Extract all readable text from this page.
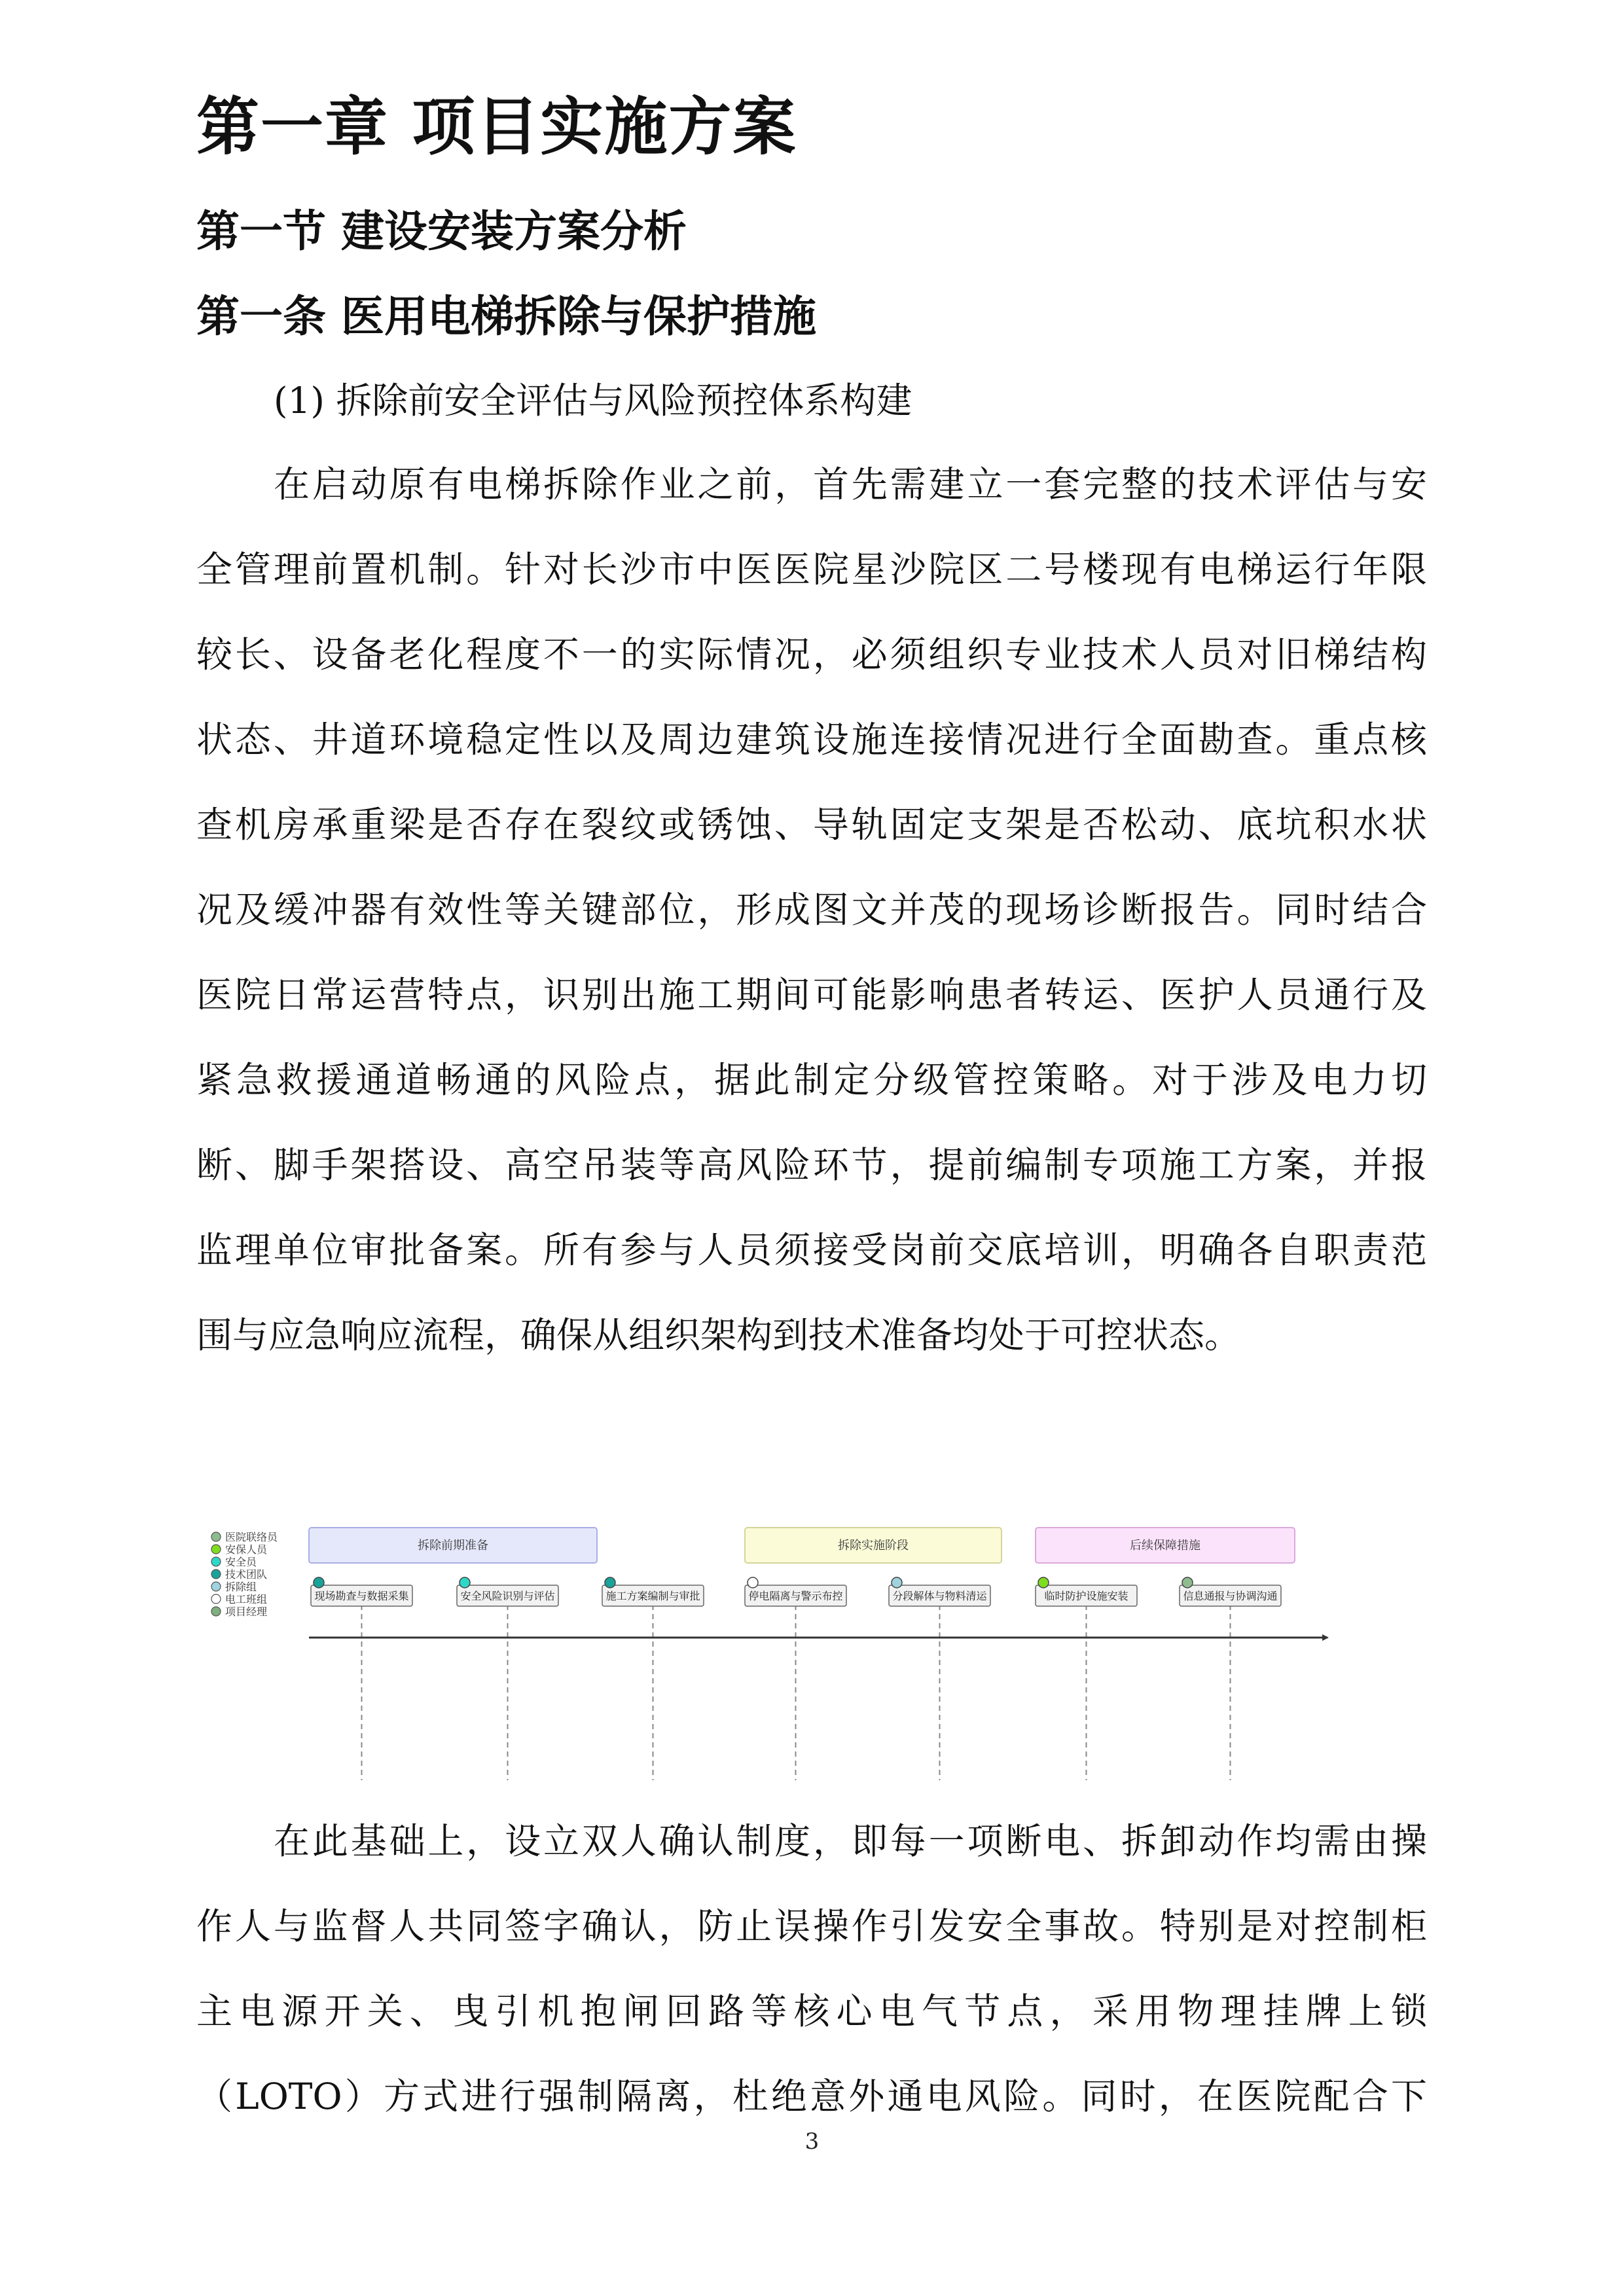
第一章 项目实施方案
第一节 建设安装方案分析
第一条 医用电梯拆除与保护措施
(1) 拆除前安全评估与风险预控体系构建
在启动原有电梯拆除作业之前，首先需建立一套完整的技术评估与安
全管理前置机制。针对长沙市中医医院星沙院区二号楼现有电梯运行年限
较长、设备老化程度不一的实际情况，必须组织专业技术人员对旧梯结构
状态、井道环境稳定性以及周边建筑设施连接情况进行全面勘查。重点核
查机房承重梁是否存在裂纹或锈蚀、导轨固定支架是否松动、底坑积水状
况及缓冲器有效性等关键部位，形成图文并茂的现场诊断报告。同时结合
医院日常运营特点，识别出施工期间可能影响患者转运、医护人员通行及
紧急救援通道畅通的风险点，据此制定分级管控策略。对于涉及电力切
断、脚手架搭设、高空吊装等高风险环节，提前编制专项施工方案，并报
监理单位审批备案。所有参与人员须接受岗前交底培训，明确各自职责范
围与应急响应流程，确保从组织架构到技术准备均处于可控状态。
医院联络员
安保人员
安全员
技术团队
拆除组
电工班组
项目经理
拆除前期准备	拆除实施阶段	后续保障措施
现场勘查与数据采集	安全风险识别与评估	施工方案编制与审批	停电隔离与警示布控	分段解体与物料清运	临时防护设施安装	信息通报与协调沟通
在此基础上，设立双人确认制度，即每一项断电、拆卸动作均需由操
作人与监督人共同签字确认，防止误操作引发安全事故。特别是对控制柜
主电源开关、曳引机抱闸回路等核心电气节点，采用物理挂牌上锁
（LOTO）方式进行强制隔离，杜绝意外通电风险。同时，在医院配合下
3
